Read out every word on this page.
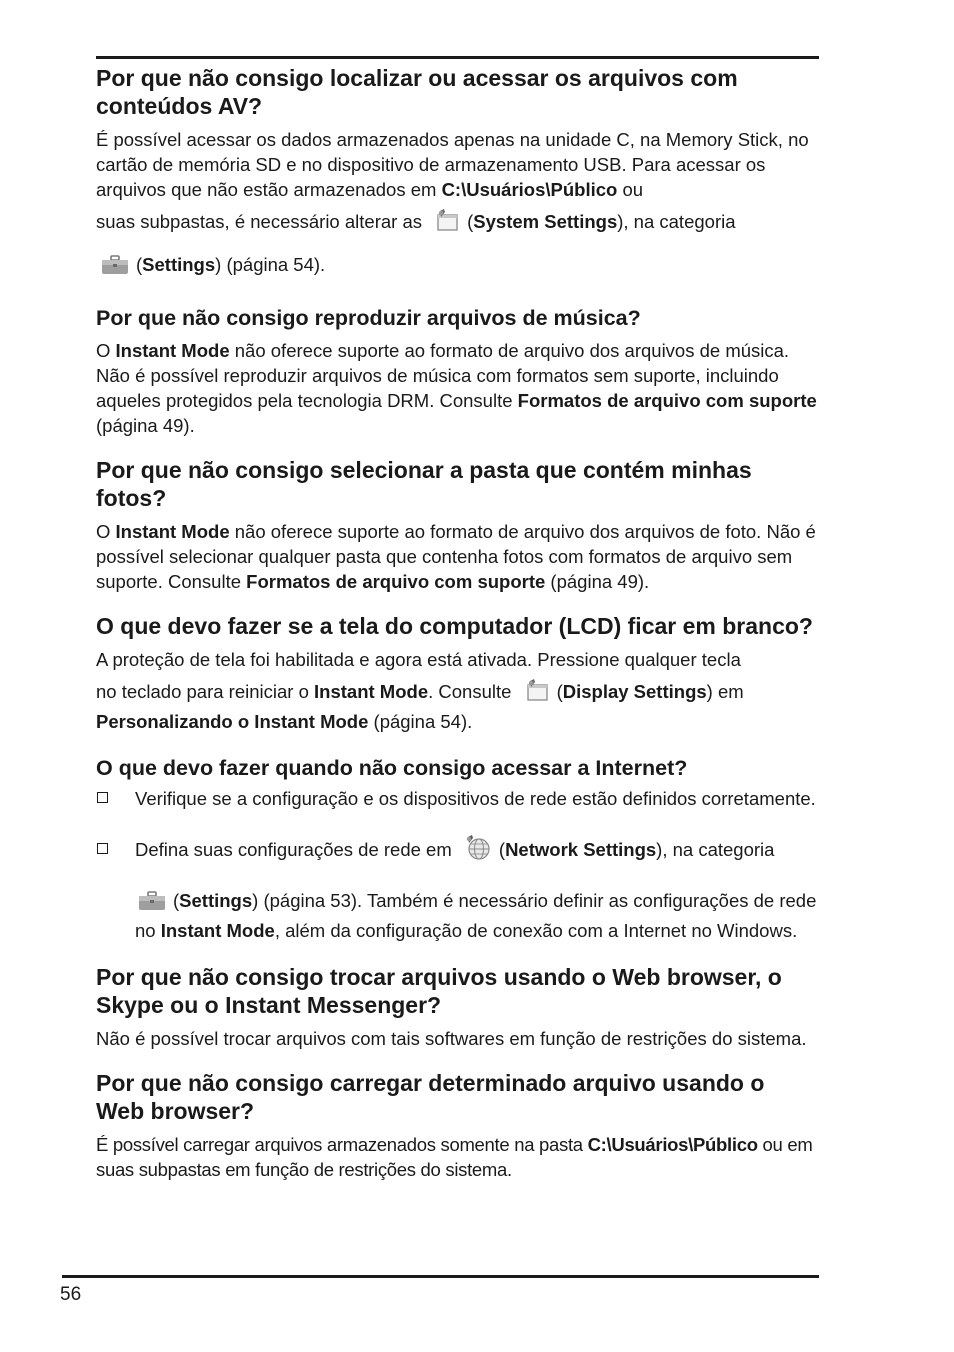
Por que não consigo localizar ou acessar os arquivos com conteúdos AV?

É possível acessar os dados armazenados apenas na unidade C, na Memory Stick, no cartão de memória SD e no dispositivo de armazenamento USB. Para acessar os arquivos que não estão armazenados em C:\Usuários\Público ou

suas subpastas, é necessário alterar as (System Settings), na categoria

(Settings) (página 54).

Por que não consigo reproduzir arquivos de música?

O Instant Mode não oferece suporte ao formato de arquivo dos arquivos de música. Não é possível reproduzir arquivos de música com formatos sem suporte, incluindo aqueles protegidos pela tecnologia DRM. Consulte Formatos de arquivo com suporte (página 49).

Por que não consigo selecionar a pasta que contém minhas fotos?

O Instant Mode não oferece suporte ao formato de arquivo dos arquivos de foto. Não é possível selecionar qualquer pasta que contenha fotos com formatos de arquivo sem suporte. Consulte Formatos de arquivo com suporte (página 49).

O que devo fazer se a tela do computador (LCD) ficar em branco?

A proteção de tela foi habilitada e agora está ativada. Pressione qualquer tecla

no teclado para reiniciar o Instant Mode. Consulte (Display Settings) em

Personalizando o Instant Mode (página 54).

O que devo fazer quando não consigo acessar a Internet?
Verifique se a configuração e os dispositivos de rede estão definidos corretamente.
Defina suas configurações de rede em (Network Settings), na categoria
(Settings) (página 53). Também é necessário definir as configurações de rede no Instant Mode, além da configuração de conexão com a Internet no Windows.
Por que não consigo trocar arquivos usando o Web browser, o Skype ou o Instant Messenger?

Não é possível trocar arquivos com tais softwares em função de restrições do sistema.

Por que não consigo carregar determinado arquivo usando o Web browser?

É possível carregar arquivos armazenados somente na pasta C:\Usuários\Público ou em suas subpastas em função de restrições do sistema.

56
